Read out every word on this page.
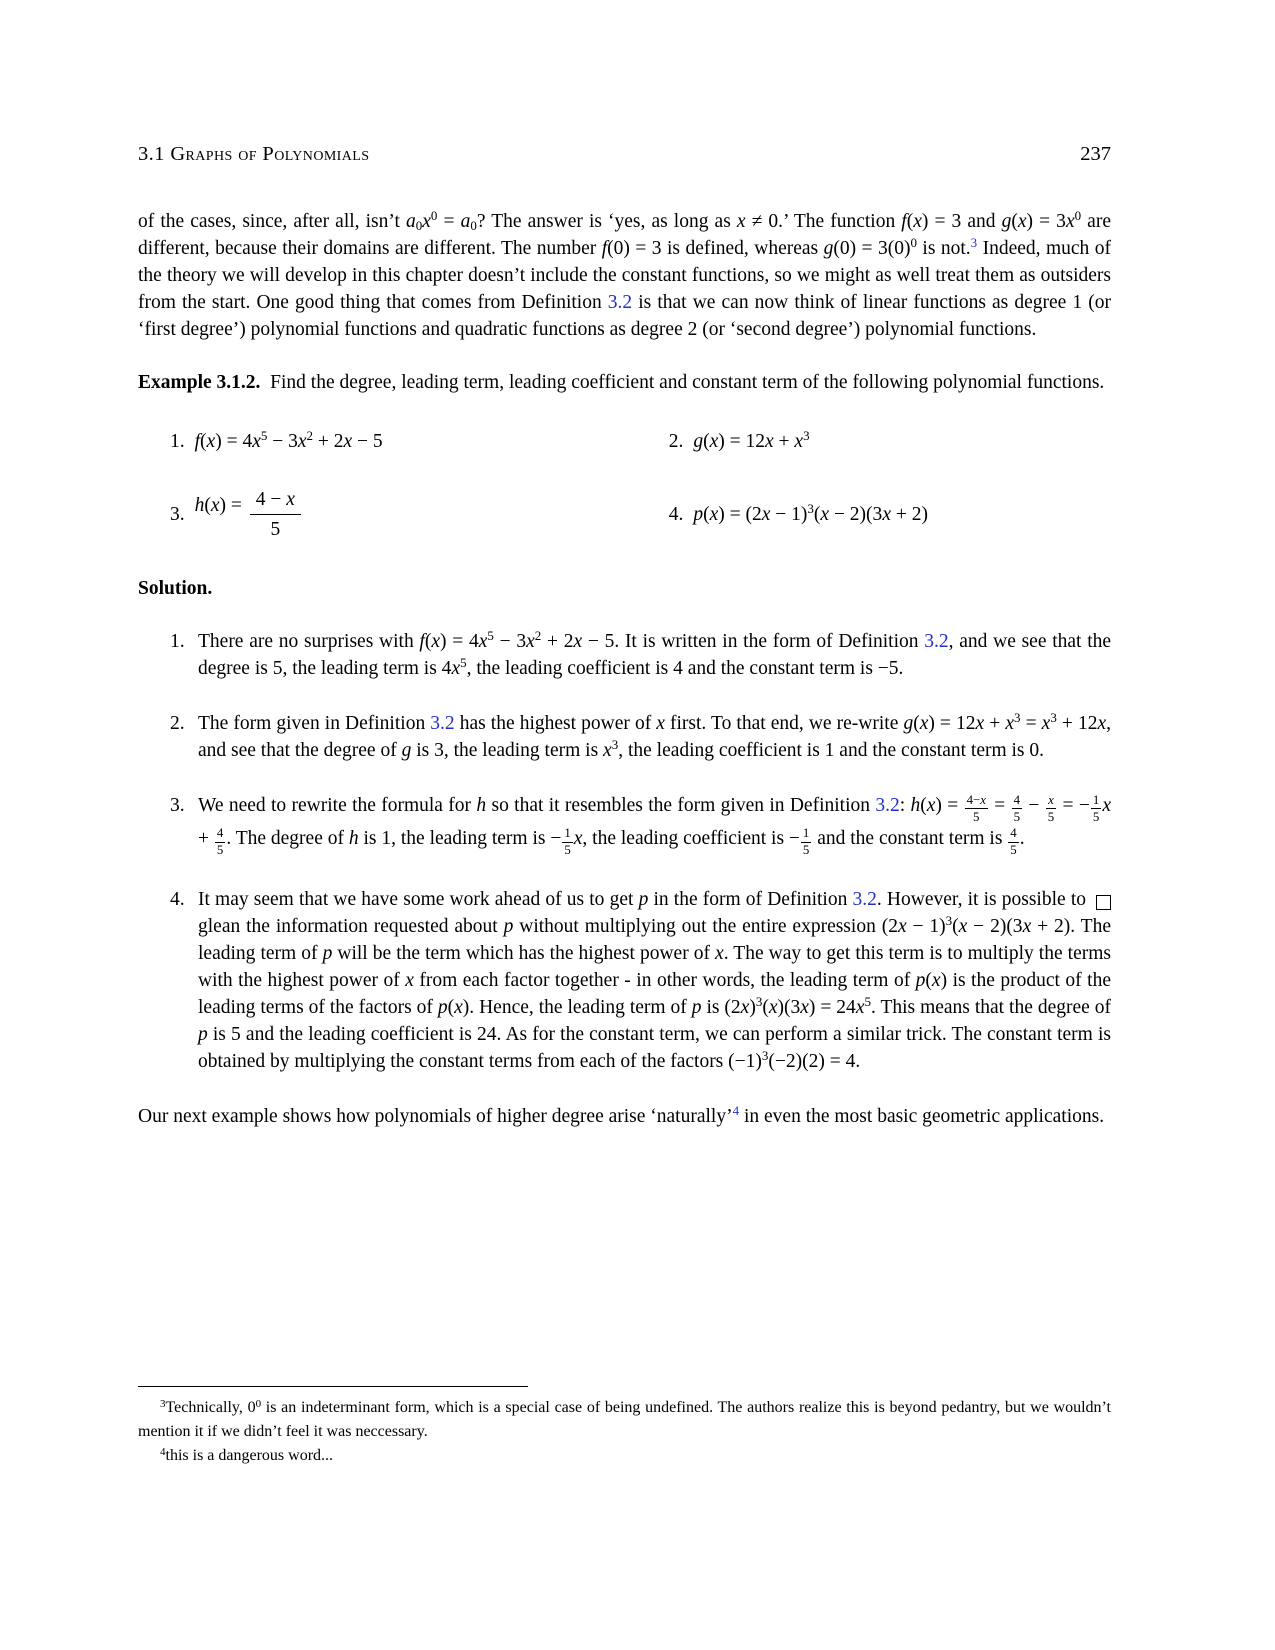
3.1 Graphs of Polynomials	237

of the cases, since, after all, isn’t $a_0x^0 = a_0$? The answer is ‘yes, as long as x ≠ 0.’ The function f(x) = 3 and $g(x) = 3x^0$ are different, because their domains are different. The number f(0) = 3 is defined, whereas $g(0) = 3(0)^0$ is not.$^3$ Indeed, much of the theory we will develop in this chapter doesn’t include the constant functions, so we might as well treat them as outsiders from the start. One good thing that comes from Definition 3.2 is that we can now think of linear functions as degree 1 (or ‘first degree’) polynomial functions and quadratic functions as degree 2 (or ‘second degree’) polynomial functions.

Example 3.1.2.  Find the degree, leading term, leading coefficient and constant term of the following polynomial functions.

1. $f(x) = 4x^5 - 3x^2 + 2x - 5$	2. $g(x) = 12x + x^3$
3. $h(x) = \frac{4 - x}{5}$	4. $p(x) = (2x - 1)^3(x - 2)(3x + 2)$

Solution.

1. There are no surprises with $f(x) = 4x^5 - 3x^2 + 2x - 5$. It is written in the form of Definition 3.2, and we see that the degree is 5, the leading term is $4x^5$, the leading coefficient is 4 and the constant term is −5.
2. The form given in Definition 3.2 has the highest power of x first. To that end, we re-write $g(x) = 12x + x^3 = x^3 + 12x$, and see that the degree of g is 3, the leading term is $x^3$, the leading coefficient is 1 and the constant term is 0.
3. We need to rewrite the formula for h so that it resembles the form given in Definition 3.2: $h(x) = \frac{4-x}{5} = \frac{4}{5} - \frac{x}{5}$ = − $\frac{1}{5}$ $x + \frac{4}{5}$ . The degree of h is 1, the leading term is − $\frac{1}{5} x$, the leading coefficient is − $\frac{1}{5}$ and the constant term is $\frac{4}{5}$ .
4. It may seem that we have some work ahead of us to get p in the form of Definition 3.2. However, it is possible to glean the information requested about p without multiplying out the entire expression $(2x - 1)^3(x - 2)(3x + 2)$. The leading term of p will be the term which has the highest power of x. The way to get this term is to multiply the terms with the highest power of x from each factor together - in other words, the leading term of p(x) is the product of the leading terms of the factors of p(x). Hence, the leading term of p is $(2x)^3(x)(3x) = 24x^5$. This means that the degree of p is 5 and the leading coefficient is 24. As for the constant term, we can perform a similar trick. The constant term is obtained by multiplying the constant terms from each of the factors $(-1)^3(-2)(2) = 4$.

Our next example shows how polynomials of higher degree arise ‘naturally’$^4$ in even the most basic geometric applications.

$^3$Technically, $0^0$ is an indeterminant form, which is a special case of being undefined. The authors realize this is beyond pedantry, but we wouldn’t mention it if we didn’t feel it was neccessary.

$^4$this is a dangerous word...
